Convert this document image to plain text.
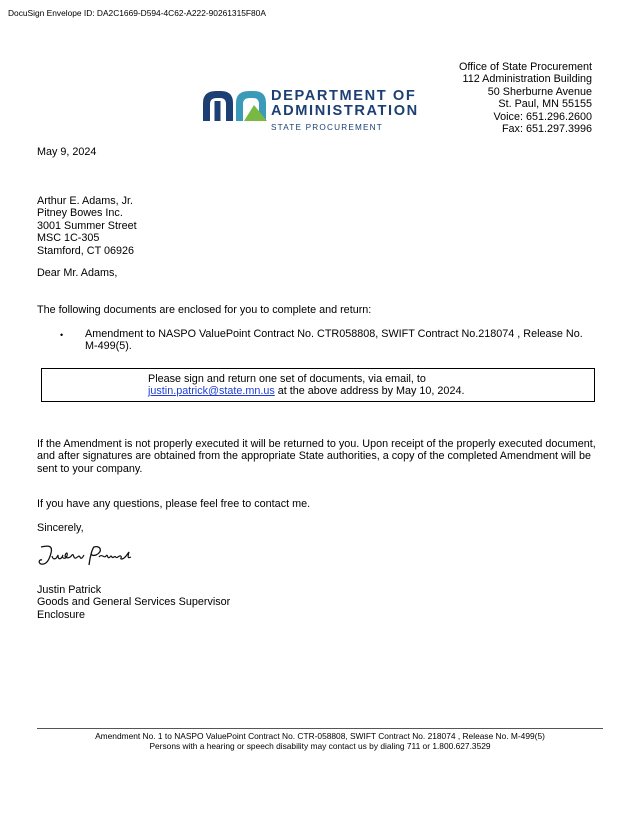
DocuSign Envelope ID: DA2C1669-D594-4C62-A222-90261315F80A
DEPARTMENT OF
ADMINISTRATION
STATE PROCUREMENT
Office of State Procurement
112 Administration Building
50 Sherburne Avenue
St. Paul, MN 55155
Voice: 651.296.2600
Fax: 651.297.3996
May 9, 2024
Arthur E. Adams, Jr.
Pitney Bowes Inc.
3001 Summer Street
MSC 1C-305
Stamford, CT 06926
Dear Mr. Adams,
The following documents are enclosed for you to complete and return:
• Amendment to NASPO ValuePoint Contract No. CTR058808, SWIFT Contract No.218074 , Release No. M-499(5).
Please sign and return one set of documents, via email, to
justin.patrick@state.mn.us at the above address by May 10, 2024.
If the Amendment is not properly executed it will be returned to you. Upon receipt of the properly executed document, and after signatures are obtained from the appropriate State authorities, a copy of the completed Amendment will be sent to your company.
If you have any questions, please feel free to contact me.
Sincerely,
Justin Patrick
Goods and General Services Supervisor
Enclosure
Amendment No. 1 to NASPO ValuePoint Contract No. CTR-058808, SWIFT Contract No. 218074 , Release No. M-499(5)
Persons with a hearing or speech disability may contact us by dialing 711 or 1.800.627.3529
